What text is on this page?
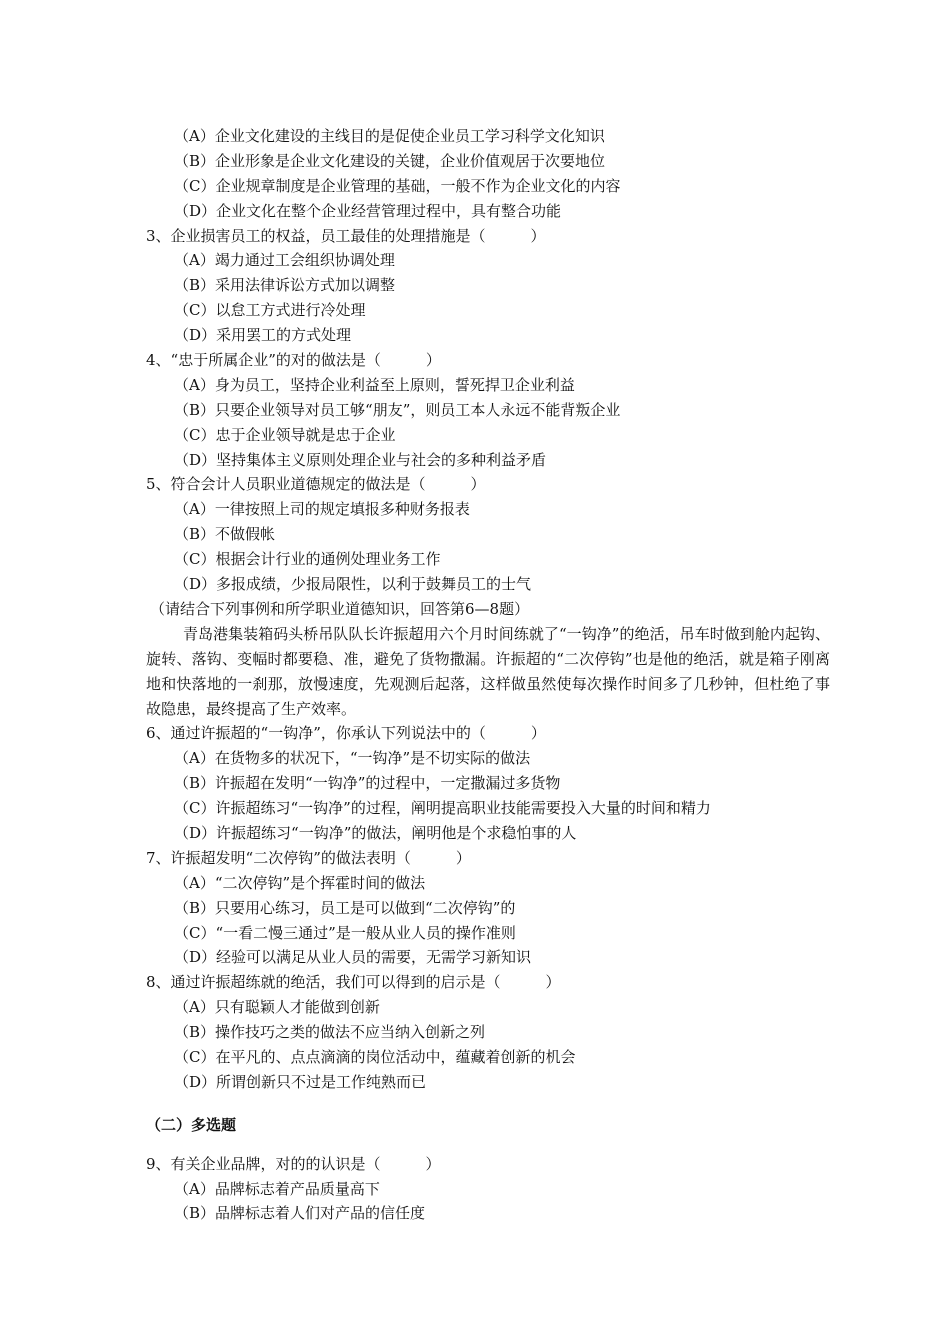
（A）企业文化建设的主线目的是促使企业员工学习科学文化知识
（B）企业形象是企业文化建设的关键，企业价值观居于次要地位
（C）企业规章制度是企业管理的基础，一般不作为企业文化的内容
（D）企业文化在整个企业经营管理过程中，具有整合功能
3、企业损害员工的权益，员工最佳的处理措施是（　　　）
（A）竭力通过工会组织协调处理
（B）采用法律诉讼方式加以调整
（C）以怠工方式进行冷处理
（D）采用罢工的方式处理
4、“忠于所属企业”的对的做法是（　　　）
（A）身为员工，坚持企业利益至上原则，誓死捍卫企业利益
（B）只要企业领导对员工够“朋友”，则员工本人永远不能背叛企业
（C）忠于企业领导就是忠于企业
（D）坚持集体主义原则处理企业与社会的多种利益矛盾
5、符合会计人员职业道德规定的做法是（　　　）
（A）一律按照上司的规定填报多种财务报表
（B）不做假帐
（C）根据会计行业的通例处理业务工作
（D）多报成绩，少报局限性，以利于鼓舞员工的士气
（请结合下列事例和所学职业道德知识，回答第6—8题）
青岛港集装箱码头桥吊队队长许振超用六个月时间练就了“一钩净”的绝活，吊车时做到舱内起钩、旋转、落钩、变幅时都要稳、准，避免了货物撒漏。许振超的“二次停钩”也是他的绝活，就是箱子刚离地和快落地的一刹那，放慢速度，先观测后起落，这样做虽然使每次操作时间多了几秒钟，但杜绝了事故隐患，最终提高了生产效率。
6、通过许振超的“一钩净”，你承认下列说法中的（　　　）
（A）在货物多的状况下，“一钩净”是不切实际的做法
（B）许振超在发明“一钩净”的过程中，一定撒漏过多货物
（C）许振超练习“一钩净”的过程，阐明提高职业技能需要投入大量的时间和精力
（D）许振超练习“一钩净”的做法，阐明他是个求稳怕事的人
7、许振超发明“二次停钩”的做法表明（　　　）
（A）“二次停钩”是个挥霍时间的做法
（B）只要用心练习，员工是可以做到“二次停钩”的
（C）“一看二慢三通过”是一般从业人员的操作准则
（D）经验可以满足从业人员的需要，无需学习新知识
8、通过许振超练就的绝活，我们可以得到的启示是（　　　）
（A）只有聪颖人才能做到创新
（B）操作技巧之类的做法不应当纳入创新之列
（C）在平凡的、点点滴滴的岗位活动中，蕴藏着创新的机会
（D）所谓创新只不过是工作纯熟而已
（二）多选题
9、有关企业品牌，对的的认识是（　　　）
（A）品牌标志着产品质量高下
（B）品牌标志着人们对产品的信任度
